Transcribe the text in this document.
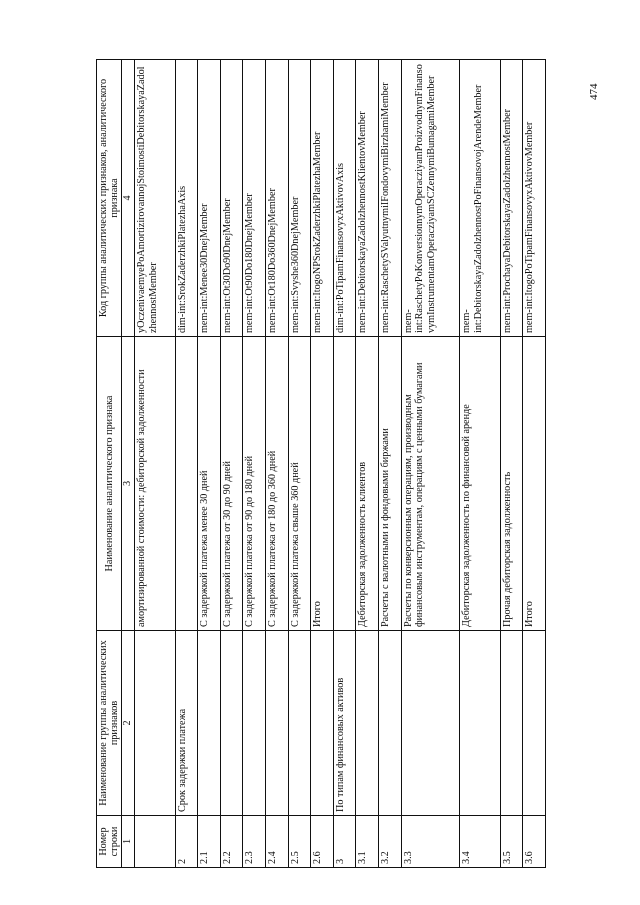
474
Номер строки	Наименование группы аналитических признаков	Наименование аналитического признака	Код группы аналитических признаков, аналитического признака
1	2	3	4
		амортизированной стоимости: дебиторской задолженности	yOczenivaemyePoAmortizirovannojStoimostiDebitorskayaZadolzhennostMember
2	Срок задержки платежа		dim-int:SrokZaderzhkiPlatezhaAxis
2.1		С задержкой платежа менее 30 дней	mem-int:Menee30DnejMember
2.2		С задержкой платежа от 30 до 90 дней	mem-int:Ot30Do90DnejMember
2.3		С задержкой платежа от 90 до 180 дней	mem-int:Ot90Do180DnejMember
2.4		С задержкой платежа от 180 до 360 дней	mem-int:Ot180Do360DnejMember
2.5		С задержкой платежа свыше 360 дней	mem-int:Svyshe360DnejMember
2.6		Итого	mem-int:ItogoNPSrokZaderzhkiPlatezhaMember
3	По типам финансовых активов		dim-int:PoTipamFinansovyxAktivovAxis
3.1		Дебиторская задолженность клиентов	mem-int:DebitorskayaZadolzhennostKlientovMember
3.2		Расчеты с валютными и фондовыми биржами	mem-int:RaschetySValyutnymiIFondovymiBirzhamiMember
3.3		Расчеты по конверсионным операциям, производным финансовым инструментам, операциям с ценными бумагами	mem-int:RaschetyPoKonversionnymOperacziyamProizvodnymFinansovymInstrumentamOperacziyamSCZennymiBumagamiMember
3.4		Дебиторская задолженность по финансовой аренде	mem-int:DebitorskayaZadolzhennostPoFinansovojArendeMember
3.5		Прочая дебиторская задолженность	mem-int:ProchayaDebitorskayaZadolzhennostMember
3.6		Итого	mem-int:ItogoPoTipamFinansovyxAktivovMember
